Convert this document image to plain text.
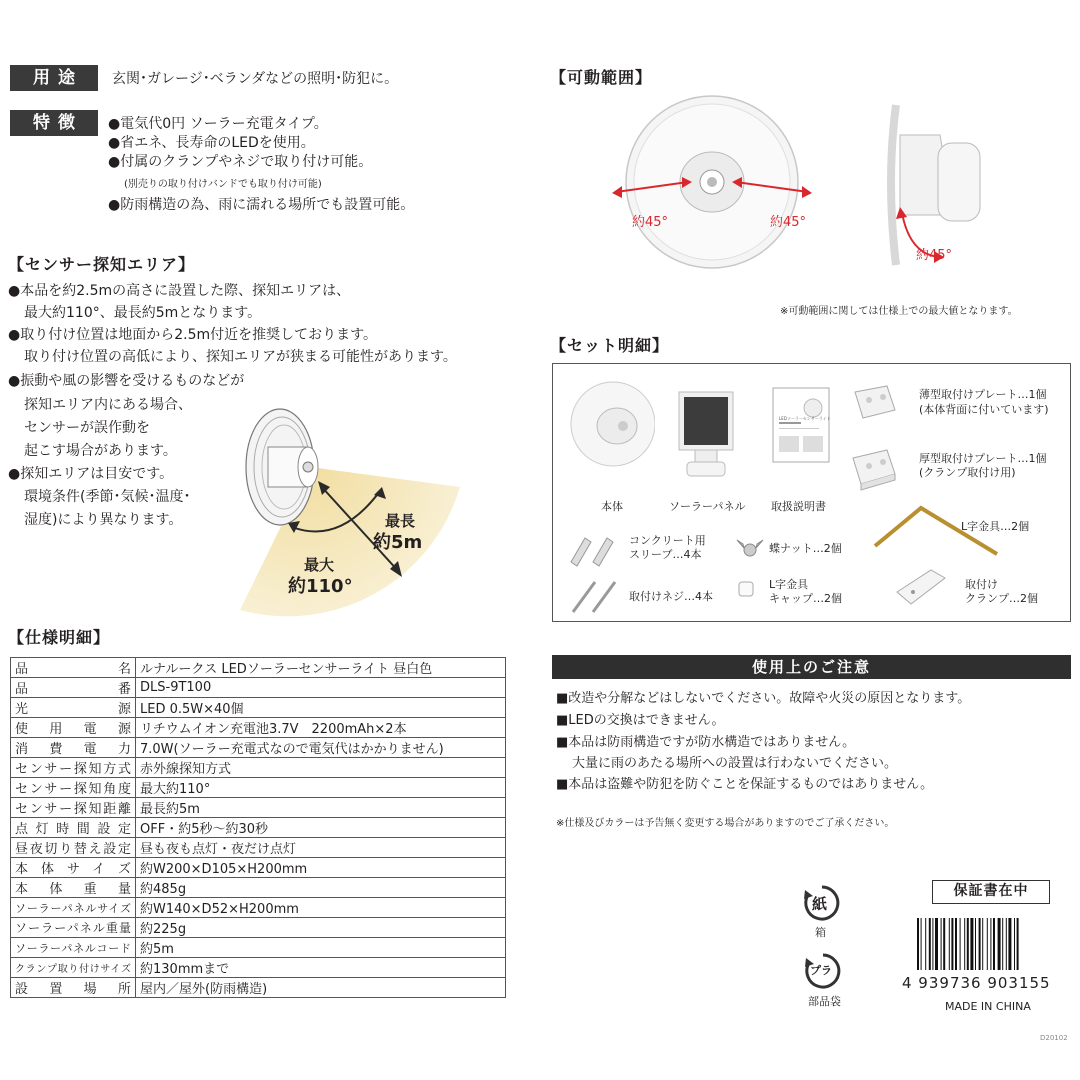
用途	玄関･ガレージ･ベランダなどの照明･防犯に。
特徴	●電気代0円 ソーラー充電タイプ。
●省エネ、長寿命のLEDを使用。
●付属のクランプやネジで取り付け可能。
(別売りの取り付けバンドでも取り付け可能)
●防雨構造の為、雨に濡れる場所でも設置可能。
【センサー探知エリア】
●本品を約2.5mの高さに設置した際、探知エリアは、
最大約110°、最長約5mとなります。
●取り付け位置は地面から2.5m付近を推奨しております。
取り付け位置の高低により、探知エリアが狭まる可能性があります。
●振動や風の影響を受けるものなどが
探知エリア内にある場合、
センサーが誤作動を
起こす場合があります。
●探知エリアは目安です。
環境条件(季節･気候･温度･
湿度)により異なります。	最長
約5m
最大
約110°
【仕様明細】
品名	ルナルークス LEDソーラーセンサーライト 昼白色
品番	DLS-9T100
光源	LED 0.5W×40個
使用電源	リチウムイオン充電池3.7V　2200mAh×2本
消費電力	7.0W(ソーラー充電式なので電気代はかかりません)
センサー探知方式	赤外線探知方式
センサー探知角度	最大約110°
センサー探知距離	最長約5m
点灯時間設定	OFF・約5秒〜約30秒
昼夜切り替え設定	昼も夜も点灯・夜だけ点灯
本体サイズ	約W200×D105×H200mm
本体重量	約485g
ソーラーパネルサイズ	約W140×D52×H200mm
ソーラーパネル重量	約225g
ソーラーパネルコード	約5m
クランプ取り付けサイズ	約130mmまで
設置場所	屋内／屋外(防雨構造)
【可動範囲】
約45°	約45°
約45°
※可動範囲に関しては仕様上での最大値となります。
【セット明細】
LEDソーラーセンサーライト
本体	ソーラーパネル 取扱説明書
薄型取付けプレート…1個
(本体背面に付いています)
厚型取付けプレート…1個
(クランプ取付け用)
コンクリート用
スリーブ…4本	蝶ナット…2個
L字金具…2個
取付けネジ…4本
L字金具
キャップ…2個
取付け
クランプ…2個
使用上のご注意
■改造や分解などはしないでください。故障や火災の原因となります。
■LEDの交換はできません。
■本品は防雨構造ですが防水構造ではありません。
大量に雨のあたる場所への設置は行わないでください。
■本品は盗難や防犯を防ぐことを保証するものではありません。
※仕様及びカラーは予告無く変更する場合がありますのでご了承ください。
紙
箱
プラ
部品袋
保証書在中
4 939736 903155
MADE IN CHINA
D20102
